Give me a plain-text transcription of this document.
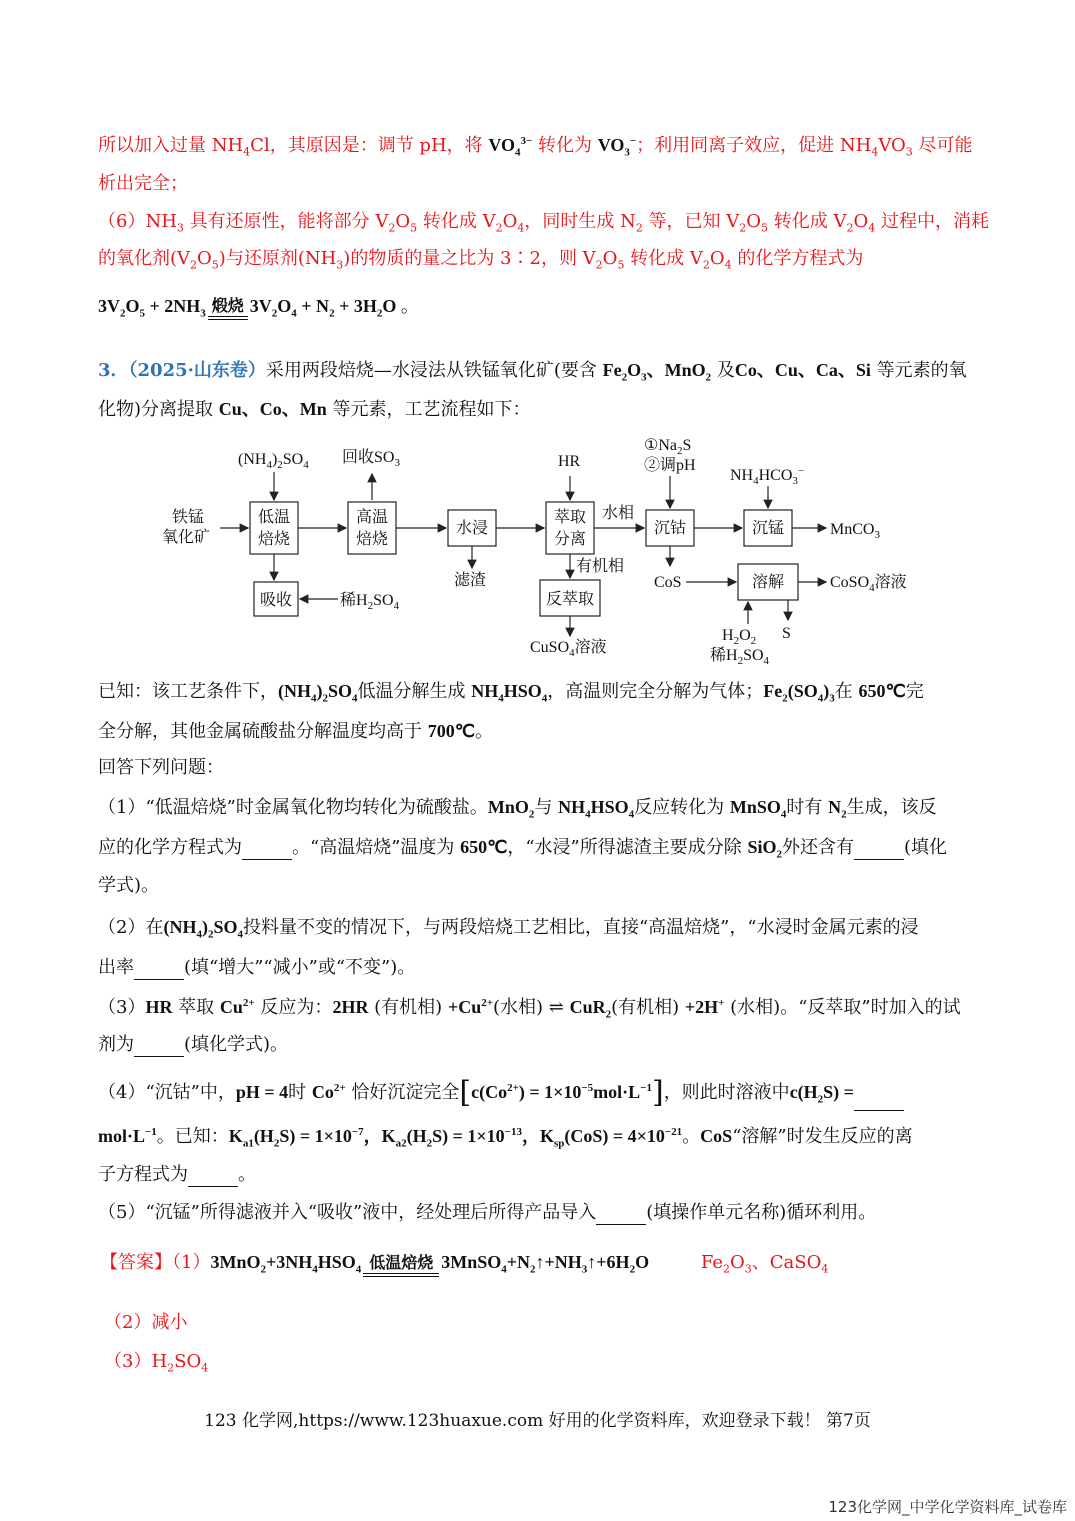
所以加入过量 $NH_4Cl$，其原因是：调节 pH，将 $VO_4^{3-}$ 转化为 $VO_3^-$；利用同离子效应，促进 $NH_4VO_3$ 尽可能
析出完全；
$(6)NH_3$ 具有还原性，能将部分 $V_2O_5$ 转化成 $V_2O_4$，同时生成 $N_2$ 等，已知 $V_2O_5$ 转化成 $V_2O_4$ 过程中，消耗
的氧化剂$(V_2O_5)$与还原剂$(NH_3)$的物质的量之比为 3∶2，则 $V_2O_5$ 转化成 $V_2O_4$ 的化学方程式为
$3V_2O_5 + 2NH_3$ 煅烧 $3V_2O_4 + N_2 + 3H_2O$ 。
3．（2025·山东卷）采用两段焙烧—水浸法从铁锰氧化矿(要含 $Fe_2O_3$、MnO$_2$ 及Co、Cu、Ca、Si 等元素的氧
化物)分离提取 Cu、Co、Mn 等元素，工艺流程如下：
铁锰
氧化矿
$(NH_4)_2SO_4$
低温
焙烧
回收$SO_3$
高温
焙烧
水浸
滤渣
HR
萃取
分离
水相
有机相
反萃取
CuSO$_4$溶液
$①Na_2S$
②调pH
沉钴
CoS
$NH_4HCO_3^-$
沉锰	MnCO$_3$
溶解	CoSO$_4$溶液
S
$H_2O_2$
稀$H_2SO_4$
吸收	稀$H_2SO_4$
已知：该工艺条件下，$(NH_4)_2SO_4$低温分解生成 $NH_4HSO_4$，高温则完全分解为气体；$Fe_2(SO_4)_3$在 650℃完
全分解，其他金属硫酸盐分解温度均高于 700℃。
回答下列问题：
（1）“低温焙烧”时金属氧化物均转化为硫酸盐。MnO$_2$与 $NH_4HSO_4$反应转化为 MnSO$_4$时有 $N_2$生成，该反
应的化学方程式为	。“高温焙烧”温度为 650℃，“水浸”所得滤渣主要成分除 SiO$_2$外还含有	(填化
学式)。
（2）在$(NH_4)_2SO_4$投料量不变的情况下，与两段焙烧工艺相比，直接“高温焙烧”，“水浸时金属元素的浸
出率	(填“增大”“减小”或“不变”)。
（3）HR 萃取 $Cu^{2+}$ 反应为：2HR (有机相) $+Cu^{2+}$(水相) ⇌ CuR$_2$(有机相) +2H+ (水相)。“反萃取”时加入的试
剂为	(填化学式)。
（4）“沉钴”中，pH = 4时 $Co^{2+}$ 恰好沉淀完全$[c(Co^{2+}) = 1\times 10^{-5}mol\cdot L^{-1}]$，则此时溶液中$c(H_2S)$ =
$mol\cdot L^{-1}$。已知：$K_{a1}(H_2S) = 1\times 10^{-7}$，$K_{a2}(H_2S) = 1\times 10^{-13}$，$K_{sp}(CoS) = 4\times 10^{-21}$。CoS“溶解”时发生反应的离
子方程式为	。
（5）“沉锰”所得滤液并入“吸收”液中，经处理后所得产品导入	(填操作单元名称)循环利用。
【答案】$(1)3MnO_2+3NH_4HSO_4$ 低温焙烧 $3MnSO_4+N_2↑+NH_3↑+6H_2O$	$Fe_2O_3$、CaSO$_4$
（2）减小
$(3)H_2SO_4$
123 化学网,https://www.123huaxue.com 好用的化学资料库，欢迎登录下载！ 第7页
123化学网_中学化学资料库_试卷库
